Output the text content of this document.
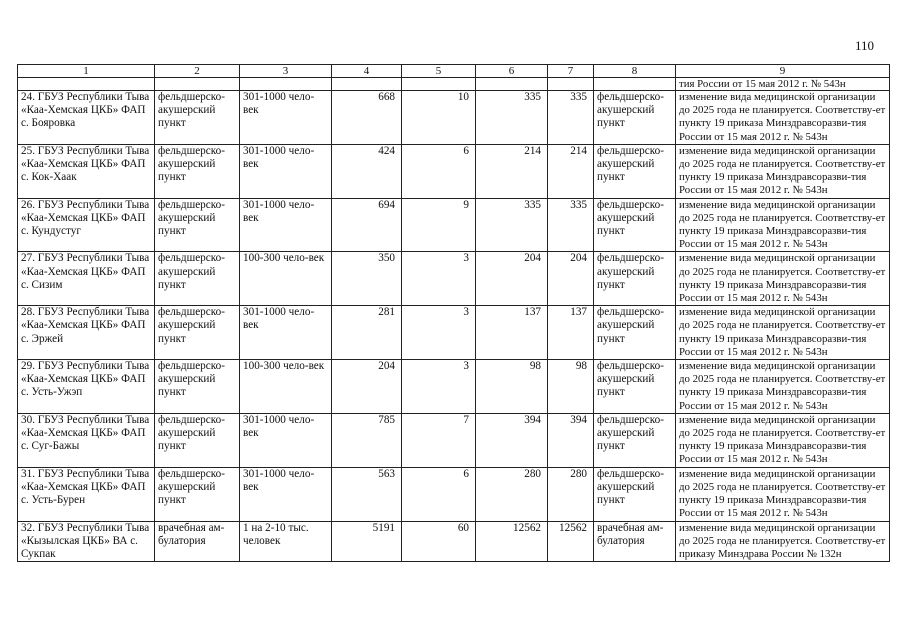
110
1	2	3	4	5	6	7	8	9
								тия России от 15 мая 2012 г. № 543н
24. ГБУЗ Республики Тыва «Каа-Хемская ЦКБ» ФАП с. Бояровка	фельдшерско-акушерский пункт	301-1000 чело-век	668	10	335	335	фельдшерско-акушерский пункт	изменение вида медицинской организации до 2025 года не планируется. Соответству-ет пункту 19 приказа Минздравсоразви-тия России от 15 мая 2012 г. № 543н
25. ГБУЗ Республики Тыва «Каа-Хемская ЦКБ» ФАП с. Кок-Хаак	фельдшерско-акушерский пункт	301-1000 чело-век	424	6	214	214	фельдшерско-акушерский пункт	изменение вида медицинской организации до 2025 года не планируется. Соответству-ет пункту 19 приказа Минздравсоразви-тия России от 15 мая 2012 г. № 543н
26. ГБУЗ Республики Тыва «Каа-Хемская ЦКБ» ФАП с. Кундустуг	фельдшерско-акушерский пункт	301-1000 чело-век	694	9	335	335	фельдшерско-акушерский пункт	изменение вида медицинской организации до 2025 года не планируется. Соответству-ет пункту 19 приказа Минздравсоразви-тия России от 15 мая 2012 г. № 543н
27. ГБУЗ Республики Тыва «Каа-Хемская ЦКБ» ФАП с. Сизим	фельдшерско-акушерский пункт	100-300 чело-век	350	3	204	204	фельдшерско-акушерский пункт	изменение вида медицинской организации до 2025 года не планируется. Соответству-ет пункту 19 приказа Минздравсоразви-тия России от 15 мая 2012 г. № 543н
28. ГБУЗ Республики Тыва «Каа-Хемская ЦКБ» ФАП с. Эржей	фельдшерско-акушерский пункт	301-1000 чело-век	281	3	137	137	фельдшерско-акушерский пункт	изменение вида медицинской организации до 2025 года не планируется. Соответству-ет пункту 19 приказа Минздравсоразви-тия России от 15 мая 2012 г. № 543н
29. ГБУЗ Республики Тыва «Каа-Хемская ЦКБ» ФАП с. Усть-Ужэп	фельдшерско-акушерский пункт	100-300 чело-век	204	3	98	98	фельдшерско-акушерский пункт	изменение вида медицинской организации до 2025 года не планируется. Соответству-ет пункту 19 приказа Минздравсоразви-тия России от 15 мая 2012 г. № 543н
30. ГБУЗ Республики Тыва «Каа-Хемская ЦКБ» ФАП с. Суг-Бажы	фельдшерско-акушерский пункт	301-1000 чело-век	785	7	394	394	фельдшерско-акушерский пункт	изменение вида медицинской организации до 2025 года не планируется. Соответству-ет пункту 19 приказа Минздравсоразви-тия России от 15 мая 2012 г. № 543н
31. ГБУЗ Республики Тыва «Каа-Хемская ЦКБ» ФАП с. Усть-Бурен	фельдшерско-акушерский пункт	301-1000 чело-век	563	6	280	280	фельдшерско-акушерский пункт	изменение вида медицинской организации до 2025 года не планируется. Соответству-ет пункту 19 приказа Минздравсоразви-тия России от 15 мая 2012 г. № 543н
32. ГБУЗ Республики Тыва «Кызылская ЦКБ» ВА с. Сукпак	врачебная ам-булатория	1 на 2-10 тыс. человек	5191	60	12562	12562	врачебная ам-булатория	изменение вида медицинской организации до 2025 года не планируется. Соответству-ет приказу Минздрава России № 132н
